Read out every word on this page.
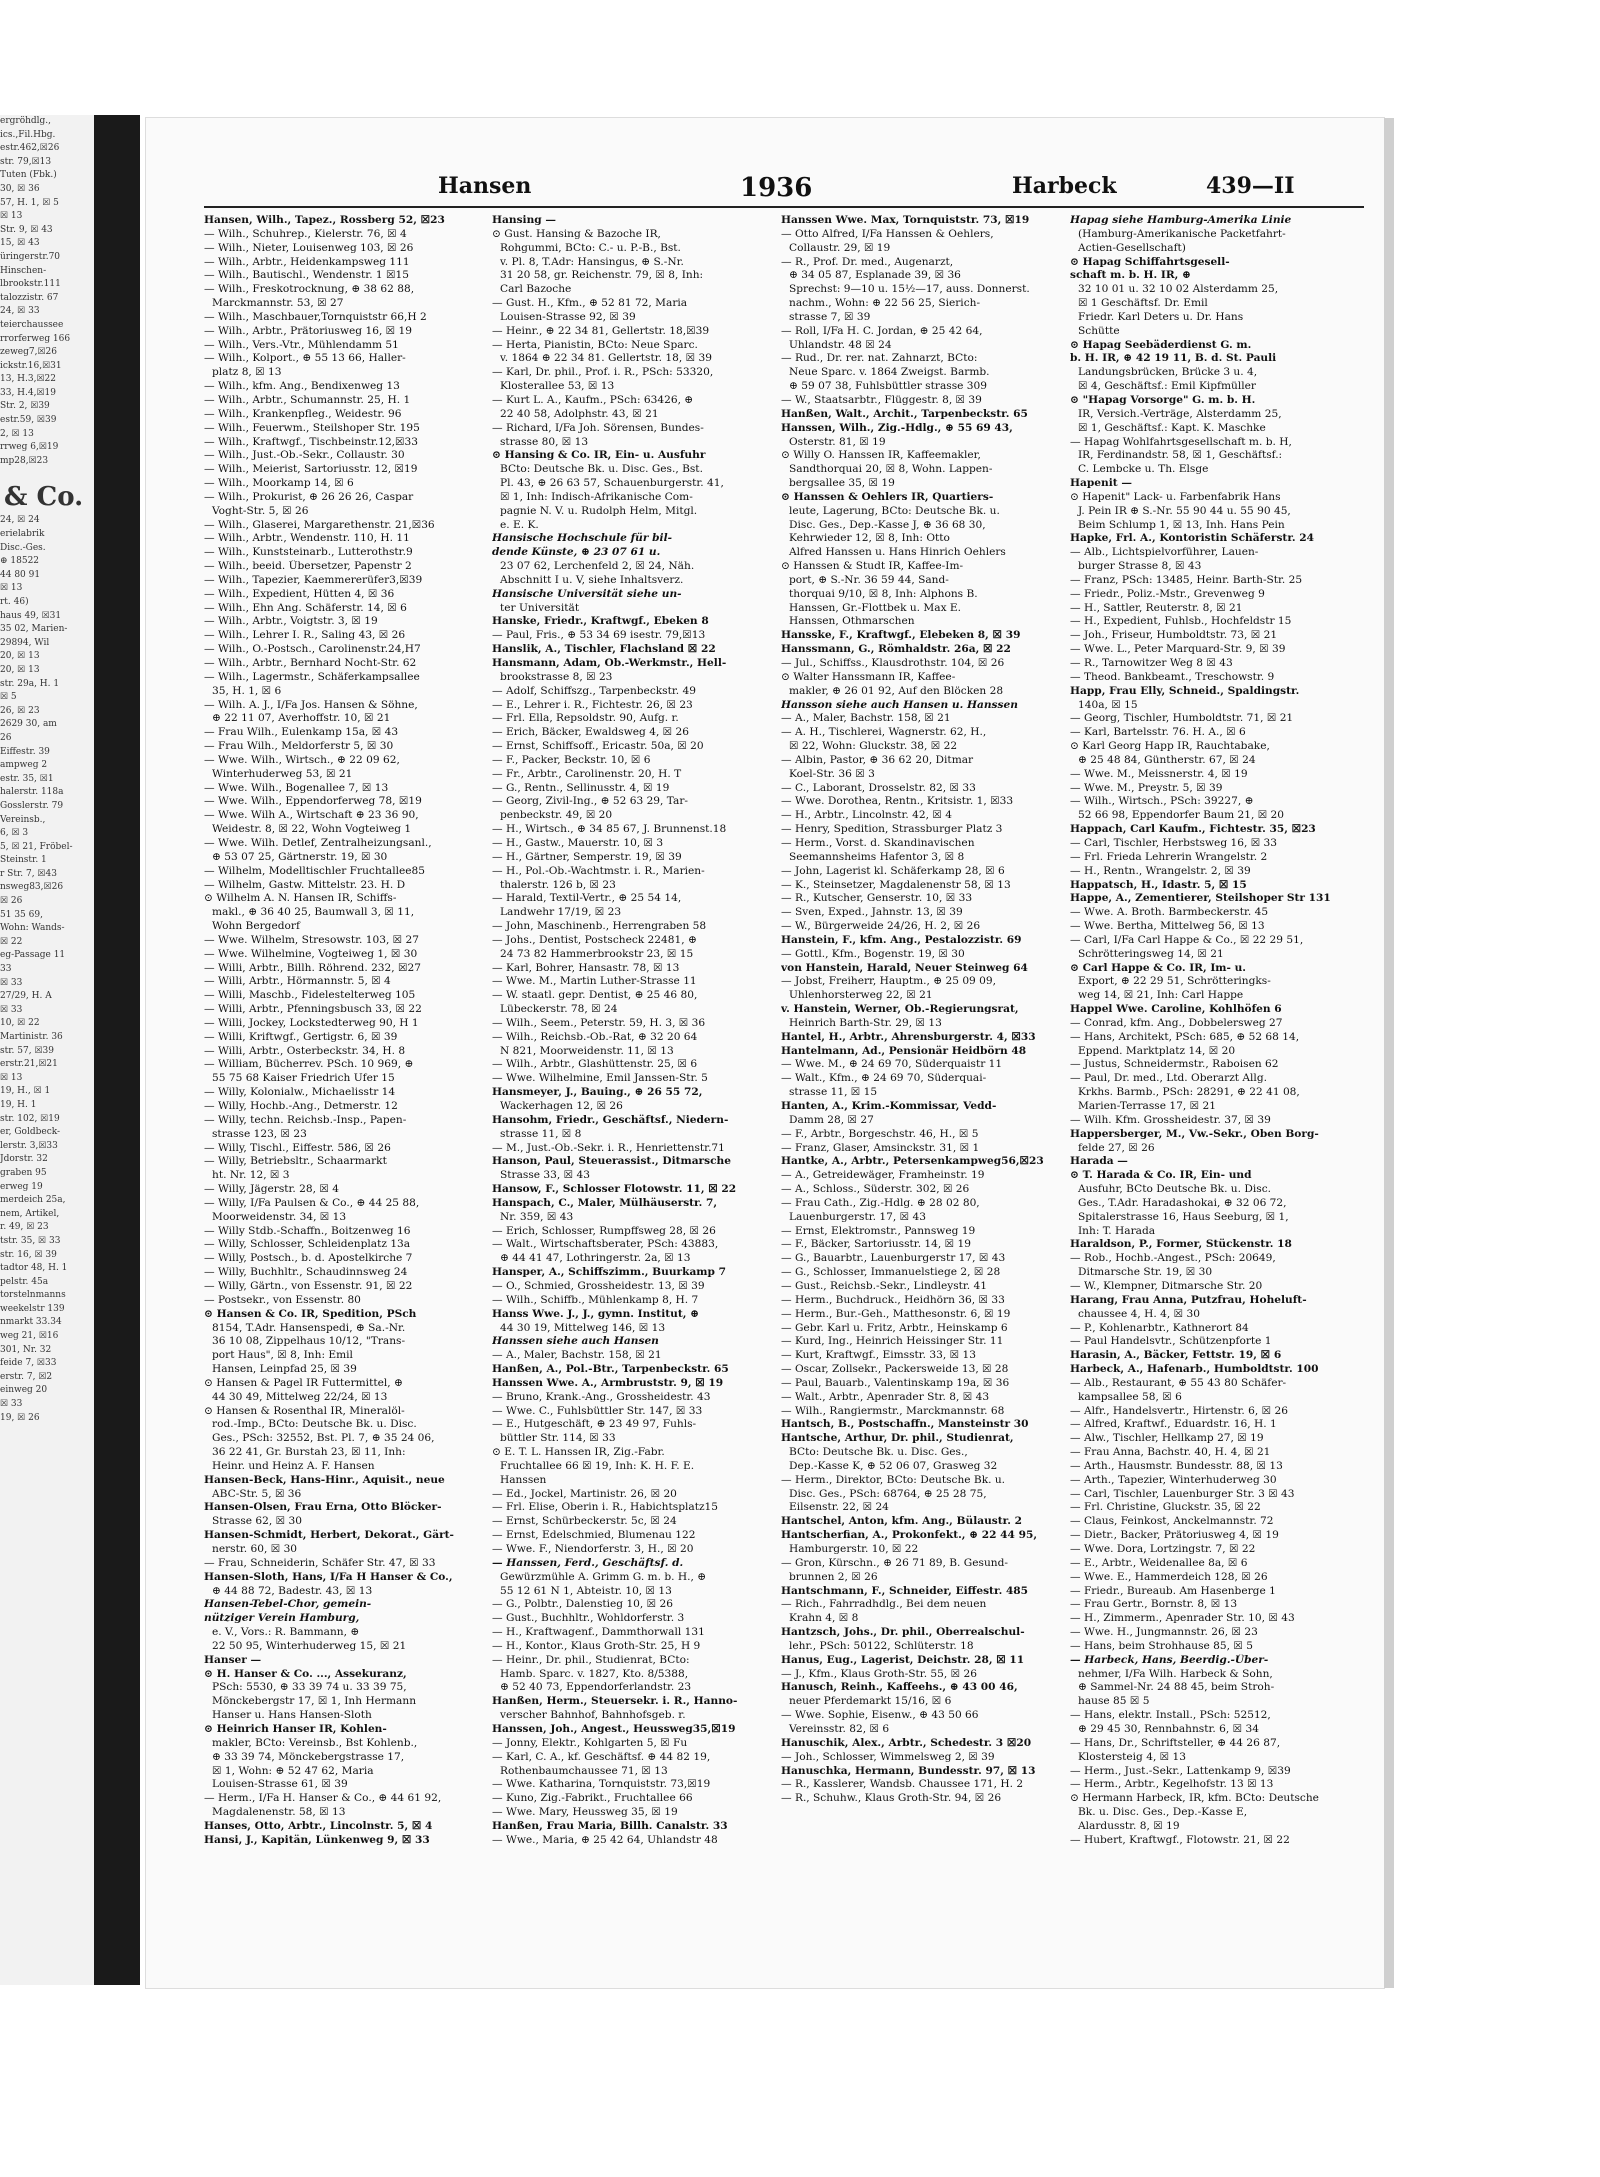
ergröhdlg.,
ics.,Fil.Hbg.
estr.462,☒26
str. 79,☒13
Tuten (Fbk.)
30, ☒ 36
57, H. 1, ☒ 5
☒ 13
Str. 9, ☒ 43
15, ☒ 43
üringerstr.70
Hinschen-
lbrookstr.111
talozzistr. 67
24, ☒ 33
teierchaussee
rrorferweg 166
zeweg7,☒26
ickstr.16,☒31
13, H.3,☒22
33, H.4,☒19
Str. 2, ☒39
estr.59, ☒39
2, ☒ 13
rrweg 6,☒19
mp28,☒23
& Co.
24, ☒ 24
erielabrik
Disc.-Ges.
⊕ 18522
44 80 91
☒ 13
rt. 46)
haus 49, ☒31
35 02, Marien-
29894, Wil
20, ☒ 13
20, ☒ 13
str. 29a, H. 1
☒ 5
26, ☒ 23
2629 30, am
26
Eiffestr. 39
ampweg 2
estr. 35, ☒1
halerstr. 118a
Gosslerstr. 79
Vereinsb.,
6, ☒ 3
5, ☒ 21, Fröbel-
Steinstr. 1
r Str. 7, ☒43
nsweg83,☒26
☒ 26
51 35 69,
Wohn: Wands-
☒ 22
eg-Passage 11
33
☒ 33
27/29, H. A
☒ 33
10, ☒ 22
Martinistr. 36
str. 57, ☒39
erstr.21,☒21
☒ 13
19, H., ☒ 1
19, H. 1
str. 102, ☒19
er, Goldbeck-
lerstr. 3,☒33
Jdorstr. 32
graben 95
erweg 19
merdeich 25a,
nem, Artikel,
r. 49, ☒ 23
tstr. 35, ☒ 33
str. 16, ☒ 39
tadtor 48, H. 1
pelstr. 45a
torstelnmanns
weekelstr 139
nmarkt 33.34
weg 21, ☒16
301, Nr. 32
feide 7, ☒33
erstr. 7, ☒2
einweg 20
☒ 33
19, ☒ 26
Hansen	1936	Harbeck	439—II
Hansen, Wilh., Tapez., Rossberg 52, ☒23
— Wilh., Schuhrep., Kielerstr. 76, ☒ 4
— Wilh., Nieter, Louisenweg 103, ☒ 26
— Wilh., Arbtr., Heidenkampsweg 111
— Wilh., Bautischl., Wendenstr. 1 ☒15
— Wilh., Freskotrocknung, ⊕ 38 62 88,
Marckmannstr. 53, ☒ 27
— Wilh., Maschbauer,Tornquiststr 66,H 2
— Wilh., Arbtr., Prätoriusweg 16, ☒ 19
— Wilh., Vers.-Vtr., Mühlendamm 51
— Wilh., Kolport., ⊕ 55 13 66, Haller-
platz 8, ☒ 13
— Wilh., kfm. Ang., Bendixenweg 13
— Wilh., Arbtr., Schumannstr. 25, H. 1
— Wilh., Krankenpfleg., Weidestr. 96
— Wilh., Feuerwm., Steilshoper Str. 195
— Wilh., Kraftwgf., Tischbeinstr.12,☒33
— Wilh., Just.-Ob.-Sekr., Collaustr. 30
— Wilh., Meierist, Sartoriusstr. 12, ☒19
— Wilh., Moorkamp 14, ☒ 6
— Wilh., Prokurist, ⊕ 26 26 26, Caspar
Voght-Str. 5, ☒ 26
— Wilh., Glaserei, Margarethenstr. 21,☒36
— Wilh., Arbtr., Wendenstr. 110, H. 11
— Wilh., Kunststeinarb., Lutterothstr.9
— Wilh., beeid. Übersetzer, Papenstr 2
— Wilh., Tapezier, Kaemmererüfer3,☒39
— Wilh., Expedient, Hütten 4, ☒ 36
— Wilh., Ehn Ang. Schäferstr. 14, ☒ 6
— Wilh., Arbtr., Voigtstr. 3, ☒ 19
— Wilh., Lehrer I. R., Saling 43, ☒ 26
— Wilh., O.-Postsch., Carolinenstr.24,H7
— Wilh., Arbtr., Bernhard Nocht-Str. 62
— Wilh., Lagermstr., Schäferkampsallee
35, H. 1, ☒ 6
— Wilh. A. J., I/Fa Jos. Hansen & Söhne,
⊕ 22 11 07, Averhoffstr. 10, ☒ 21
— Frau Wilh., Eulenkamp 15a, ☒ 43
— Frau Wilh., Meldorferstr 5, ☒ 30
— Wwe. Wilh., Wirtsch., ⊕ 22 09 62,
Winterhuderweg 53, ☒ 21
— Wwe. Wilh., Bogenallee 7, ☒ 13
— Wwe. Wilh., Eppendorferweg 78, ☒19
— Wwe. Wilh A., Wirtschaft ⊕ 23 36 90,
Weidestr. 8, ☒ 22, Wohn Vogteiweg 1
— Wwe. Wilh. Detlef, Zentralheizungsanl.,
⊕ 53 07 25, Gärtnerstr. 19, ☒ 30
— Wilhelm, Modelltischler Fruchtallee85
— Wilhelm, Gastw. Mittelstr. 23. H. D
⊙ Wilhelm A. N. Hansen IR, Schiffs-
makl., ⊕ 36 40 25, Baumwall 3, ☒ 11,
Wohn Bergedorf
— Wwe. Wilhelm, Stresowstr. 103, ☒ 27
— Wwe. Wilhelmine, Vogteiweg 1, ☒ 30
— Willi, Arbtr., Billh. Röhrend. 232, ☒27
— Willi, Arbtr., Hörmannstr. 5, ☒ 4
— Willi, Maschb., Fidelestelterweg 105
— Willi, Arbtr., Pfenningsbusch 33, ☒ 22
— Willi, Jockey, Lockstedterweg 90, H 1
— Willi, Kriftwgf., Gertigstr. 6, ☒ 39
— Willi, Arbtr., Osterbeckstr. 34, H. 8
— William, Bücherrev. PSch. 10 969, ⊕
55 75 68 Kaiser Friedrich Ufer 15
— Willy, Kolonialw., Michaelisstr 14
— Willy, Hochb.-Ang., Detmerstr. 12
— Willy, techn. Reichsb.-Insp., Papen-
strasse 123, ☒ 23
— Willy, Tischl., Eiffestr. 586, ☒ 26
— Willy, Betriebsltr., Schaarmarkt
ht. Nr. 12, ☒ 3
— Willy, Jägerstr. 28, ☒ 4
— Willy, I/Fa Paulsen & Co., ⊕ 44 25 88,
Moorweidenstr. 34, ☒ 13
— Willy Stdb.-Schaffn., Boitzenweg 16
— Willy, Schlosser, Schleidenplatz 13a
— Willy, Postsch., b. d. Apostelkirche 7
— Willy, Buchhltr., Schaudinnsweg 24
— Willy, Gärtn., von Essenstr. 91, ☒ 22
— Postsekr., von Essenstr. 80
⊙ Hansen & Co. IR, Spedition, PSch
8154, T.Adr. Hansenspedi, ⊕ Sa.-Nr.
36 10 08, Zippelhaus 10/12, "Trans-
port Haus", ☒ 8, Inh: Emil
Hansen, Leinpfad 25, ☒ 39
⊙ Hansen & Pagel IR Futtermittel, ⊕
44 30 49, Mittelweg 22/24, ☒ 13
⊙ Hansen & Rosenthal IR, Mineralöl-
rod.-Imp., BCto: Deutsche Bk. u. Disc.
Ges., PSch: 32552, Bst. Pl. 7, ⊕ 35 24 06,
36 22 41, Gr. Burstah 23, ☒ 11, Inh:
Heinr. und Heinz A. F. Hansen
Hansen-Beck, Hans-Hinr., Aquisit., neue
ABC-Str. 5, ☒ 36
Hansen-Olsen, Frau Erna, Otto Blöcker-
Strasse 62, ☒ 30
Hansen-Schmidt, Herbert, Dekorat., Gärt-
nerstr. 60, ☒ 30
— Frau, Schneiderin, Schäfer Str. 47, ☒ 33
Hansen-Sloth, Hans, I/Fa H Hanser & Co.,
⊕ 44 88 72, Badestr. 43, ☒ 13
Hansen-Tebel-Chor, gemein-
nütziger Verein Hamburg,
e. V., Vors.: R. Bammann, ⊕
22 50 95, Winterhuderweg 15, ☒ 21
Hanser —
⊙ H. Hanser & Co. ..., Assekuranz,
PSch: 5530, ⊕ 33 39 74 u. 33 39 75,
Mönckebergstr 17, ☒ 1, Inh Hermann
Hanser u. Hans Hansen-Sloth
⊙ Heinrich Hanser IR, Kohlen-
makler, BCto: Vereinsb., Bst Kohlenb.,
⊕ 33 39 74, Mönckebergstrasse 17,
☒ 1, Wohn: ⊕ 52 47 62, Maria
Louisen-Strasse 61, ☒ 39
— Herm., I/Fa H. Hanser & Co., ⊕ 44 61 92,
Magdalenenstr. 58, ☒ 13
Hanses, Otto, Arbtr., Lincolnstr. 5, ☒ 4
Hansi, J., Kapitän, Lünkenweg 9, ☒ 33
Hansing —
⊙ Gust. Hansing & Bazoche IR,
Rohgummi, BCto: C.- u. P.-B., Bst.
v. Pl. 8, T.Adr: Hansingus, ⊕ S.-Nr.
31 20 58, gr. Reichenstr. 79, ☒ 8, Inh:
Carl Bazoche
— Gust. H., Kfm., ⊕ 52 81 72, Maria
Louisen-Strasse 92, ☒ 39
— Heinr., ⊕ 22 34 81, Gellertstr. 18,☒39
— Herta, Pianistin, BCto: Neue Sparc.
v. 1864 ⊕ 22 34 81. Gellertstr. 18, ☒ 39
— Karl, Dr. phil., Prof. i. R., PSch: 53320,
Klosterallee 53, ☒ 13
— Kurt L. A., Kaufm., PSch: 63426, ⊕
22 40 58, Adolphstr. 43, ☒ 21
— Richard, I/Fa Joh. Sörensen, Bundes-
strasse 80, ☒ 13
⊙ Hansing & Co. IR, Ein- u. Ausfuhr
BCto: Deutsche Bk. u. Disc. Ges., Bst.
Pl. 43, ⊕ 26 63 57, Schauenburgerstr. 41,
☒ 1, Inh: Indisch-Afrikanische Com-
pagnie N. V. u. Rudolph Helm, Mitgl.
e. E. K.
Hansische Hochschule für bil-
dende Künste, ⊕ 23 07 61 u.
23 07 62, Lerchenfeld 2, ☒ 24, Näh.
Abschnitt I u. V, siehe Inhaltsverz.
Hansische Universität siehe un-
ter Universität
Hanske, Friedr., Kraftwgf., Ebeken 8
— Paul, Fris., ⊕ 53 34 69 isestr. 79,☒13
Hanslik, A., Tischler, Flachsland ☒ 22
Hansmann, Adam, Ob.-Werkmstr., Hell-
brookstrasse 8, ☒ 23
— Adolf, Schiffszg., Tarpenbeckstr. 49
— E., Lehrer i. R., Fichtestr. 26, ☒ 23
— Frl. Ella, Repsoldstr. 90, Aufg. r.
— Erich, Bäcker, Ewaldsweg 4, ☒ 26
— Ernst, Schiffsoff., Ericastr. 50a, ☒ 20
— F., Packer, Beckstr. 10, ☒ 6
— Fr., Arbtr., Carolinenstr. 20, H. T
— G., Rentn., Sellinusstr. 4, ☒ 19
— Georg, Zivil-Ing., ⊕ 52 63 29, Tar-
penbeckstr. 49, ☒ 20
— H., Wirtsch., ⊕ 34 85 67, J. Brunnenst.18
— H., Gastw., Mauerstr. 10, ☒ 3
— H., Gärtner, Semperstr. 19, ☒ 39
— H., Pol.-Ob.-Wachtmstr. i. R., Marien-
thalerstr. 126 b, ☒ 23
— Harald, Textil-Vertr., ⊕ 25 54 14,
Landwehr 17/19, ☒ 23
— John, Maschinenb., Herrengraben 58
— Johs., Dentist, Postscheck 22481, ⊕
24 73 82 Hammerbrookstr 23, ☒ 15
— Karl, Bohrer, Hansastr. 78, ☒ 13
— Wwe. M., Martin Luther-Strasse 11
— W. staatl. gepr. Dentist, ⊕ 25 46 80,
Lübeckerstr. 78, ☒ 24
— Wilh., Seem., Peterstr. 59, H. 3, ☒ 36
— Wilh., Reichsb.-Ob.-Rat, ⊕ 32 20 64
N 821, Moorweidenstr. 11, ☒ 13
— Wilh., Arbtr., Glashüttenstr. 25, ☒ 6
— Wwe. Wilhelmine, Emil Janssen-Str. 5
Hansmeyer, J., Bauing., ⊕ 26 55 72,
Wackerhagen 12, ☒ 26
Hansohm, Friedr., Geschäftsf., Niedern-
strasse 11, ☒ 8
— M., Just.-Ob.-Sekr. i. R., Henriettenstr.71
Hanson, Paul, Steuerassist., Ditmarsche
Strasse 33, ☒ 43
Hansow, F., Schlosser Flotowstr. 11, ☒ 22
Hanspach, C., Maler, Mülhäuserstr. 7,
Nr. 359, ☒ 43
— Erich, Schlosser, Rumpffsweg 28, ☒ 26
— Walt., Wirtschaftsberater, PSch: 43883,
⊕ 44 41 47, Lothringerstr. 2a, ☒ 13
Hansper, A., Schiffszimm., Buurkamp 7
— O., Schmied, Grossheidestr. 13, ☒ 39
— Wilh., Schiffb., Mühlenkamp 8, H. 7
Hanss Wwe. J., J., gymn. Institut, ⊕
44 30 19, Mittelweg 146, ☒ 13
Hanssen siehe auch Hansen
— A., Maler, Bachstr. 158, ☒ 21
Hanßen, A., Pol.-Btr., Tarpenbeckstr. 65
Hanssen Wwe. A., Armbruststr. 9, ☒ 19
— Bruno, Krank.-Ang., Grossheidestr. 43
— Wwe. C., Fuhlsbüttler Str. 147, ☒ 33
— E., Hutgeschäft, ⊕ 23 49 97, Fuhls-
büttler Str. 114, ☒ 33
⊙ E. T. L. Hanssen IR, Zig.-Fabr.
Fruchtallee 66 ☒ 19, Inh: K. H. F. E.
Hanssen
— Ed., Jockel, Martinistr. 26, ☒ 20
— Frl. Elise, Oberin i. R., Habichtsplatz15
— Ernst, Schürbeckerstr. 5c, ☒ 24
— Ernst, Edelschmied, Blumenau 122
— Wwe. F., Niendorferstr. 3, H., ☒ 20
— Hanssen, Ferd., Geschäftsf. d.
Gewürzmühle A. Grimm G. m. b. H., ⊕
55 12 61 N 1, Abteistr. 10, ☒ 13
— G., Polbtr., Dalenstieg 10, ☒ 26
— Gust., Buchhltr., Wohldorferstr. 3
— H., Kraftwagenf., Dammthorwall 131
— H., Kontor., Klaus Groth-Str. 25, H 9
— Heinr., Dr. phil., Studienrat, BCto:
Hamb. Sparc. v. 1827, Kto. 8/5388,
⊕ 52 40 73, Eppendorferlandstr. 23
Hanßen, Herm., Steuersekr. i. R., Hanno-
verscher Bahnhof, Bahnhofsgeb. r.
Hanssen, Joh., Angest., Heussweg35,☒19
— Jonny, Elektr., Kohlgarten 5, ☒ Fu
— Karl, C. A., kf. Geschäftsf. ⊕ 44 82 19,
Rothenbaumchaussee 71, ☒ 13
— Wwe. Katharina, Tornquiststr. 73,☒19
— Kuno, Zig.-Fabrikt., Fruchtallee 66
— Wwe. Mary, Heussweg 35, ☒ 19
Hanßen, Frau Maria, Billh. Canalstr. 33
— Wwe., Maria, ⊕ 25 42 64, Uhlandstr 48
Hanssen Wwe. Max, Tornquiststr. 73, ☒19
— Otto Alfred, I/Fa Hanssen & Oehlers,
Collaustr. 29, ☒ 19
— R., Prof. Dr. med., Augenarzt,
⊕ 34 05 87, Esplanade 39, ☒ 36
Sprechst: 9—10 u. 15½—17, auss. Donnerst.
nachm., Wohn: ⊕ 22 56 25, Sierich-
strasse 7, ☒ 39
— Roll, I/Fa H. C. Jordan, ⊕ 25 42 64,
Uhlandstr. 48 ☒ 24
— Rud., Dr. rer. nat. Zahnarzt, BCto:
Neue Sparc. v. 1864 Zweigst. Barmb.
⊕ 59 07 38, Fuhlsbüttler strasse 309
— W., Staatsarbtr., Flüggestr. 8, ☒ 39
Hanßen, Walt., Archit., Tarpenbeckstr. 65
Hanssen, Wilh., Zig.-Hdlg., ⊕ 55 69 43,
Osterstr. 81, ☒ 19
⊙ Willy O. Hanssen IR, Kaffeemakler,
Sandthorquai 20, ☒ 8, Wohn. Lappen-
bergsallee 35, ☒ 19
⊙ Hanssen & Oehlers IR, Quartiers-
leute, Lagerung, BCto: Deutsche Bk. u.
Disc. Ges., Dep.-Kasse J, ⊕ 36 68 30,
Kehrwieder 12, ☒ 8, Inh: Otto
Alfred Hanssen u. Hans Hinrich Oehlers
⊙ Hanssen & Studt IR, Kaffee-Im-
port, ⊕ S.-Nr. 36 59 44, Sand-
thorquai 9/10, ☒ 8, Inh: Alphons B.
Hanssen, Gr.-Flottbek u. Max E.
Hanssen, Othmarschen
Hansske, F., Kraftwgf., Elebeken 8, ☒ 39
Hanssmann, G., Römhaldstr. 26a, ☒ 22
— Jul., Schiffss., Klausdrothstr. 104, ☒ 26
⊙ Walter Hanssmann IR, Kaffee-
makler, ⊕ 26 01 92, Auf den Blöcken 28
Hansson siehe auch Hansen u. Hanssen
— A., Maler, Bachstr. 158, ☒ 21
— A. H., Tischlerei, Wagnerstr. 62, H.,
☒ 22, Wohn: Gluckstr. 38, ☒ 22
— Albin, Pastor, ⊕ 36 62 20, Ditmar
Koel-Str. 36 ☒ 3
— C., Laborant, Drosselstr. 82, ☒ 33
— Wwe. Dorothea, Rentn., Kritsistr. 1, ☒33
— H., Arbtr., Lincolnstr. 42, ☒ 4
— Henry, Spedition, Strassburger Platz 3
— Herm., Vorst. d. Skandinavischen
Seemannsheims Hafentor 3, ☒ 8
— John, Lagerist kl. Schäferkamp 28, ☒ 6
— K., Steinsetzer, Magdalenenstr 58, ☒ 13
— R., Kutscher, Genserstr. 10, ☒ 33
— Sven, Exped., Jahnstr. 13, ☒ 39
— W., Bürgerweide 24/26, H. 2, ☒ 26
Hanstein, F., kfm. Ang., Pestalozzistr. 69
— Gottl., Kfm., Bogenstr. 19, ☒ 30
von Hanstein, Harald, Neuer Steinweg 64
— Jobst, Freiherr, Hauptm., ⊕ 25 09 09,
Uhlenhorsterweg 22, ☒ 21
v. Hanstein, Werner, Ob.-Regierungsrat,
Heinrich Barth-Str. 29, ☒ 13
Hantel, H., Arbtr., Ahrensburgerstr. 4, ☒33
Hantelmann, Ad., Pensionär Heidbörn 48
— Wwe. M., ⊕ 24 69 70, Süderquaistr 11
— Walt., Kfm., ⊕ 24 69 70, Süderquai-
strasse 11, ☒ 15
Hanten, A., Krim.-Kommissar, Vedd-
Damm 28, ☒ 27
— F., Arbtr., Borgeschstr. 46, H., ☒ 5
— Franz, Glaser, Amsinckstr. 31, ☒ 1
Hantke, A., Arbtr., Petersenkampweg56,☒23
— A., Getreidewäger, Framheinstr. 19
— A., Schloss., Süderstr. 302, ☒ 26
— Frau Cath., Zig.-Hdlg. ⊕ 28 02 80,
Lauenburgerstr. 17, ☒ 43
— Ernst, Elektromstr., Pannsweg 19
— F., Bäcker, Sartoriusstr. 14, ☒ 19
— G., Bauarbtr., Lauenburgerstr 17, ☒ 43
— G., Schlosser, Immanuelstiege 2, ☒ 28
— Gust., Reichsb.-Sekr., Lindleystr. 41
— Herm., Buchdruck., Heidhörn 36, ☒ 33
— Herm., Bur.-Geh., Matthesonstr. 6, ☒ 19
— Gebr. Karl u. Fritz, Arbtr., Heinskamp 6
— Kurd, Ing., Heinrich Heissinger Str. 11
— Kurt, Kraftwgf., Eimsstr. 33, ☒ 13
— Oscar, Zollsekr., Packersweide 13, ☒ 28
— Paul, Bauarb., Valentinskamp 19a, ☒ 36
— Walt., Arbtr., Apenrader Str. 8, ☒ 43
— Wilh., Rangiermstr., Marckmannstr. 68
Hantsch, B., Postschaffn., Mansteinstr 30
Hantsche, Arthur, Dr. phil., Studienrat,
BCto: Deutsche Bk. u. Disc. Ges.,
Dep.-Kasse K, ⊕ 52 06 07, Grasweg 32
— Herm., Direktor, BCto: Deutsche Bk. u.
Disc. Ges., PSch: 68764, ⊕ 25 28 75,
Eilsenstr. 22, ☒ 24
Hantschel, Anton, kfm. Ang., Bülaustr. 2
Hantscherfian, A., Prokonfekt., ⊕ 22 44 95,
Hamburgerstr. 10, ☒ 22
— Gron, Kürschn., ⊕ 26 71 89, B. Gesund-
brunnen 2, ☒ 26
Hantschmann, F., Schneider, Eiffestr. 485
— Rich., Fahrradhdlg., Bei dem neuen
Krahn 4, ☒ 8
Hantzsch, Johs., Dr. phil., Oberrealschul-
lehr., PSch: 50122, Schlüterstr. 18
Hanus, Eug., Lagerist, Deichstr. 28, ☒ 11
— J., Kfm., Klaus Groth-Str. 55, ☒ 26
Hanusch, Reinh., Kaffeehs., ⊕ 43 00 46,
neuer Pferdemarkt 15/16, ☒ 6
— Wwe. Sophie, Eisenw., ⊕ 43 50 66
Vereinsstr. 82, ☒ 6
Hanuschik, Alex., Arbtr., Schedestr. 3 ☒20
— Joh., Schlosser, Wimmelsweg 2, ☒ 39
Hanuschka, Hermann, Bundesstr. 97, ☒ 13
— R., Kasslerer, Wandsb. Chaussee 171, H. 2
— R., Schuhw., Klaus Groth-Str. 94, ☒ 26
Hapag siehe Hamburg-Amerika Linie
(Hamburg-Amerikanische Packetfahrt-
Actien-Gesellschaft)
⊙ Hapag Schiffahrtsgesell-
schaft m. b. H. IR, ⊕
32 10 01 u. 32 10 02 Alsterdamm 25,
☒ 1 Geschäftsf. Dr. Emil
Friedr. Karl Deters u. Dr. Hans
Schütte
⊙ Hapag Seebäderdienst G. m.
b. H. IR, ⊕ 42 19 11, B. d. St. Pauli
Landungsbrücken, Brücke 3 u. 4,
☒ 4, Geschäftsf.: Emil Kipfmüller
⊙ "Hapag Vorsorge" G. m. b. H.
IR, Versich.-Verträge, Alsterdamm 25,
☒ 1, Geschäftsf.: Kapt. K. Maschke
— Hapag Wohlfahrtsgesellschaft m. b. H,
IR, Ferdinandstr. 58, ☒ 1, Geschäftsf.:
C. Lembcke u. Th. Elsge
Hapenit —
⊙ Hapenit" Lack- u. Farbenfabrik Hans
J. Pein IR ⊕ S.-Nr. 55 90 44 u. 55 90 45,
Beim Schlump 1, ☒ 13, Inh. Hans Pein
Hapke, Frl. A., Kontoristin Schäferstr. 24
— Alb., Lichtspielvorführer, Lauen-
burger Strasse 8, ☒ 43
— Franz, PSch: 13485, Heinr. Barth-Str. 25
— Friedr., Poliz.-Mstr., Grevenweg 9
— H., Sattler, Reuterstr. 8, ☒ 21
— H., Expedient, Fuhlsb., Hochfeldstr 15
— Joh., Friseur, Humboldtstr. 73, ☒ 21
— Wwe. L., Peter Marquard-Str. 9, ☒ 39
— R., Tarnowitzer Weg 8 ☒ 43
— Theod. Bankbeamt., Treschowstr. 9
Happ, Frau Elly, Schneid., Spaldingstr.
140a, ☒ 15
— Georg, Tischler, Humboldtstr. 71, ☒ 21
— Karl, Bartelsstr. 76. H. A., ☒ 6
⊙ Karl Georg Happ IR, Rauchtabake,
⊕ 25 48 84, Güntherstr. 67, ☒ 24
— Wwe. M., Meissnerstr. 4, ☒ 19
— Wwe. M., Preystr. 5, ☒ 39
— Wilh., Wirtsch., PSch: 39227, ⊕
52 66 98, Eppendorfer Baum 21, ☒ 20
Happach, Carl Kaufm., Fichtestr. 35, ☒23
— Carl, Tischler, Herbstsweg 16, ☒ 33
— Frl. Frieda Lehrerin Wrangelstr. 2
— H., Rentn., Wrangelstr. 2, ☒ 39
Happatsch, H., Idastr. 5, ☒ 15
Happe, A., Zementierer, Steilshoper Str 131
— Wwe. A. Broth. Barmbeckerstr. 45
— Wwe. Bertha, Mittelweg 56, ☒ 13
— Carl, I/Fa Carl Happe & Co., ☒ 22 29 51,
Schrötteringsweg 14, ☒ 21
⊙ Carl Happe & Co. IR, Im- u.
Export, ⊕ 22 29 51, Schrötteringks-
weg 14, ☒ 21, Inh: Carl Happe
Happel Wwe. Caroline, Kohlhöfen 6
— Conrad, kfm. Ang., Dobbelersweg 27
— Hans, Architekt, PSch: 685, ⊕ 52 68 14,
Eppend. Marktplatz 14, ☒ 20
— Justus, Schneidermstr., Raboisen 62
— Paul, Dr. med., Ltd. Oberarzt Allg.
Krkhs. Barmb., PSch: 28291, ⊕ 22 41 08,
Marien-Terrasse 17, ☒ 21
— Wilh. Kfm. Grossheidestr. 37, ☒ 39
Happersberger, M., Vw.-Sekr., Oben Borg-
felde 27, ☒ 26
Harada —
⊙ T. Harada & Co. IR, Ein- und
Ausfuhr, BCto Deutsche Bk. u. Disc.
Ges., T.Adr. Haradashokai, ⊕ 32 06 72,
Spitalerstrasse 16, Haus Seeburg, ☒ 1,
Inh: T. Harada
Haraldson, P., Former, Stückenstr. 18
— Rob., Hochb.-Angest., PSch: 20649,
Ditmarsche Str. 19, ☒ 30
— W., Klempner, Ditmarsche Str. 20
Harang, Frau Anna, Putzfrau, Hoheluft-
chaussee 4, H. 4, ☒ 30
— P., Kohlenarbtr., Kathnerort 84
— Paul Handelsvtr., Schützenpforte 1
Harasin, A., Bäcker, Fettstr. 19, ☒ 6
Harbeck, A., Hafenarb., Humboldtstr. 100
— Alb., Restaurant, ⊕ 55 43 80 Schäfer-
kampsallee 58, ☒ 6
— Alfr., Handelsvertr., Hirtenstr. 6, ☒ 26
— Alfred, Kraftwf., Eduardstr. 16, H. 1
— Alw., Tischler, Hellkamp 27, ☒ 19
— Frau Anna, Bachstr. 40, H. 4, ☒ 21
— Arth., Hausmstr. Bundesstr. 88, ☒ 13
— Arth., Tapezier, Winterhuderweg 30
— Carl, Tischler, Lauenburger Str. 3 ☒ 43
— Frl. Christine, Gluckstr. 35, ☒ 22
— Claus, Feinkost, Anckelmannstr. 72
— Dietr., Backer, Prätoriusweg 4, ☒ 19
— Wwe. Dora, Lortzingstr. 7, ☒ 22
— E., Arbtr., Weidenallee 8a, ☒ 6
— Wwe. E., Hammerdeich 128, ☒ 26
— Friedr., Bureaub. Am Hasenberge 1
— Frau Gertr., Bornstr. 8, ☒ 13
— H., Zimmerm., Apenrader Str. 10, ☒ 43
— Wwe. H., Jungmannstr. 26, ☒ 23
— Hans, beim Strohhause 85, ☒ 5
— Harbeck, Hans, Beerdig.-Über-
nehmer, I/Fa Wilh. Harbeck & Sohn,
⊕ Sammel-Nr. 24 88 45, beim Stroh-
hause 85 ☒ 5
— Hans, elektr. Install., PSch: 52512,
⊕ 29 45 30, Rennbahnstr. 6, ☒ 34
— Hans, Dr., Schriftsteller, ⊕ 44 26 87,
Klostersteig 4, ☒ 13
— Herm., Just.-Sekr., Lattenkamp 9, ☒39
— Herm., Arbtr., Kegelhofstr. 13 ☒ 13
⊙ Hermann Harbeck, IR, kfm. BCto: Deutsche
Bk. u. Disc. Ges., Dep.-Kasse E,
Alardusstr. 8, ☒ 19
— Hubert, Kraftwgf., Flotowstr. 21, ☒ 22
